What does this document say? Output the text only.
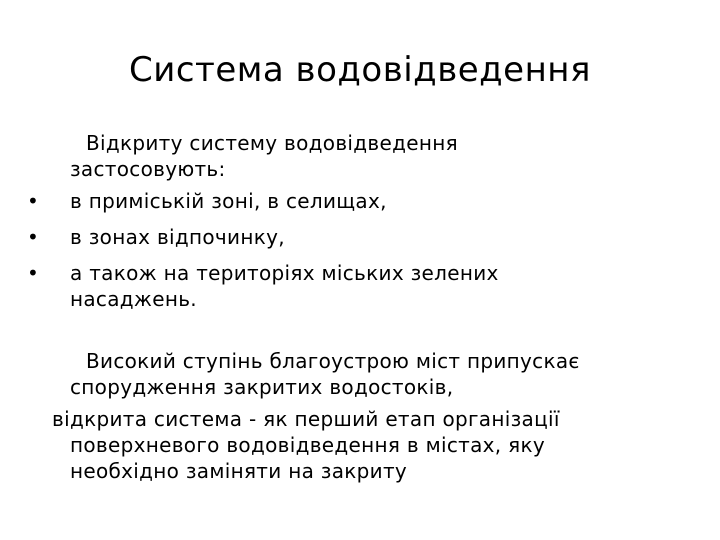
Система водовідведення
Відкриту систему водовідведення
застосовують:
• в приміській зоні, в селищах,
• в зонах відпочинку,
• а також на територіях міських зелених
насаджень.
Високий ступінь благоустрою міст припускає
спорудження закритих водостоків,
відкрита система - як перший етап організації
поверхневого водовідведення в містах, яку
необхідно заміняти на закриту
